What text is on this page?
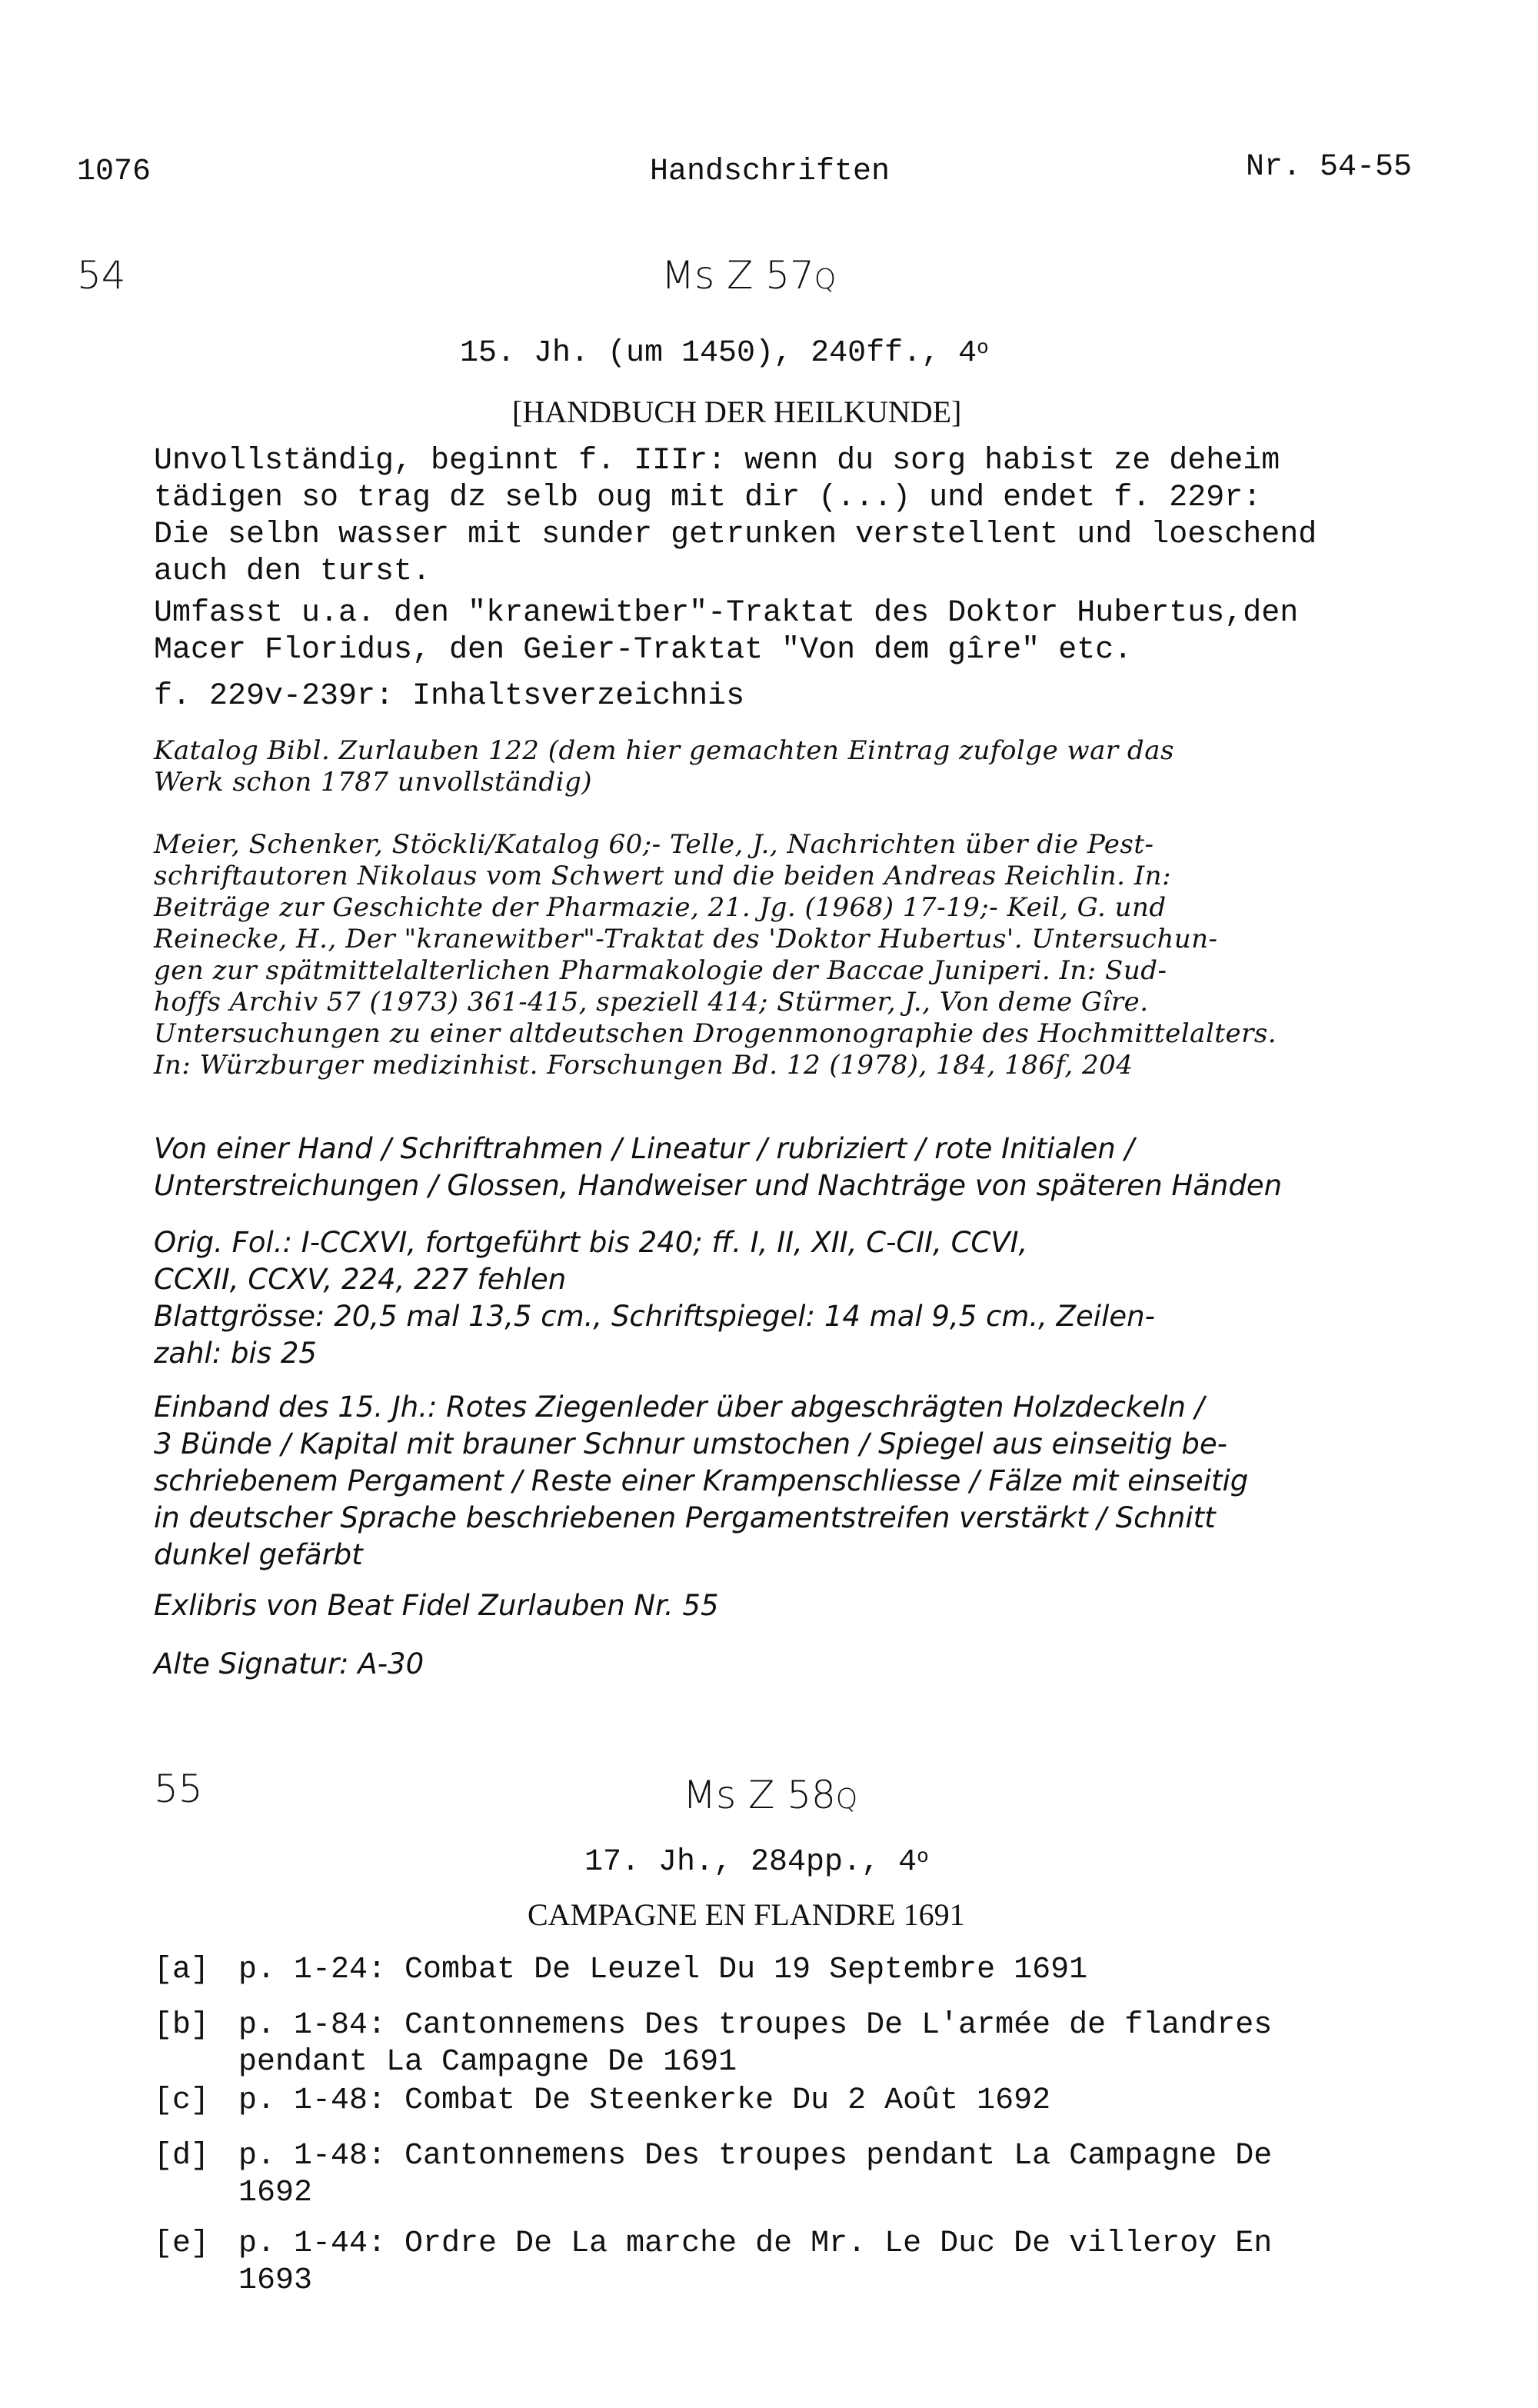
1076	Handschriften	Nr. 54-55
54	Ms Z 57Q
15. Jh. (um 1450), 240ff., 4$^o$
[HANDBUCH DER HEILKUNDE]
Unvollständig, beginnt f. IIIr: wenn du sorg habist ze deheim
tädigen so trag dz selb oug mit dir (...) und endet f. 229r:
Die selbn wasser mit sunder getrunken verstellent und loeschend
auch den turst.
Umfasst u.a. den "kranewitber"-Traktat des Doktor Hubertus,den
Macer Floridus, den Geier-Traktat "Von dem gîre" etc.
f. 229v-239r: Inhaltsverzeichnis
Katalog Bibl. Zurlauben 122 (dem hier gemachten Eintrag zufolge war das
Werk schon 1787 unvollständig)
Meier, Schenker, Stöckli/Katalog 60;- Telle, J., Nachrichten über die Pest-
schriftautoren Nikolaus vom Schwert und die beiden Andreas Reichlin. In:
Beiträge zur Geschichte der Pharmazie, 21. Jg. (1968) 17-19;- Keil, G. und
Reinecke, H., Der "kranewitber"-Traktat des 'Doktor Hubertus'. Untersuchun-
gen zur spätmittelalterlichen Pharmakologie der Baccae Juniperi. In: Sud-
hoffs Archiv 57 (1973) 361-415, speziell 414; Stürmer, J., Von deme Gîre.
Untersuchungen zu einer altdeutschen Drogenmonographie des Hochmittelalters.
In: Würzburger medizinhist. Forschungen Bd. 12 (1978), 184, 186f, 204
Von einer Hand / Schriftrahmen / Lineatur / rubriziert / rote Initialen /
Unterstreichungen / Glossen, Handweiser und Nachträge von späteren Händen
Orig. Fol.: I-CCXVI, fortgeführt bis 240; ff. I, II, XII, C-CII, CCVI,
CCXII, CCXV, 224, 227 fehlen
Blattgrösse: 20,5 mal 13,5 cm., Schriftspiegel: 14 mal 9,5 cm., Zeilen-
zahl: bis 25
Einband des 15. Jh.: Rotes Ziegenleder über abgeschrägten Holzdeckeln /
3 Bünde / Kapital mit brauner Schnur umstochen / Spiegel aus einseitig be-
schriebenem Pergament / Reste einer Krampenschliesse / Fälze mit einseitig
in deutscher Sprache beschriebenen Pergamentstreifen verstärkt / Schnitt
dunkel gefärbt
Exlibris von Beat Fidel Zurlauben Nr. 55
Alte Signatur: A-30
55	Ms Z 58Q
17. Jh., 284pp., 4$^o$
CAMPAGNE EN FLANDRE 1691
[a] p. 1-24: Combat De Leuzel Du 19 Septembre 1691
[b] p. 1-84: Cantonnemens Des troupes De L'armée de flandres
pendant La Campagne De 1691
[c] p. 1-48: Combat De Steenkerke Du 2 Août 1692
[d] p. 1-48: Cantonnemens Des troupes pendant La Campagne De
1692
[e] p. 1-44: Ordre De La marche de Mr. Le Duc De villeroy En
1693
